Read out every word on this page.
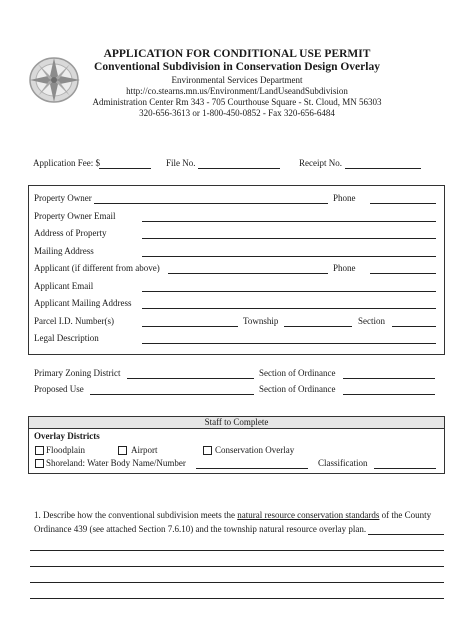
APPLICATION FOR CONDITIONAL USE PERMIT
Conventional Subdivision in Conservation Design Overlay
Environmental Services Department
http://co.stearns.mn.us/Environment/LandUseandSubdivision
Administration Center Rm 343 - 705 Courthouse Square - St. Cloud, MN 56303
320-656-3613 or 1-800-450-0852 - Fax 320-656-6484
Application Fee: $	File No.	Receipt No.
Property Owner	Phone
Property Owner Email
Address of Property
Mailing Address
Applicant (if different from above)	Phone
Applicant Email
Applicant Mailing Address
Parcel I.D. Number(s)	Township	Section
Legal Description
Primary Zoning District	Section of Ordinance
Proposed Use	Section of Ordinance
Staff to Complete
Overlay Districts
Floodplain	Airport	Conservation Overlay
Shoreland: Water Body Name/Number	Classification
1. Describe how the conventional subdivision meets the natural resource conservation standards of the County
Ordinance 439 (see attached Section 7.6.10) and the township natural resource overlay plan.
